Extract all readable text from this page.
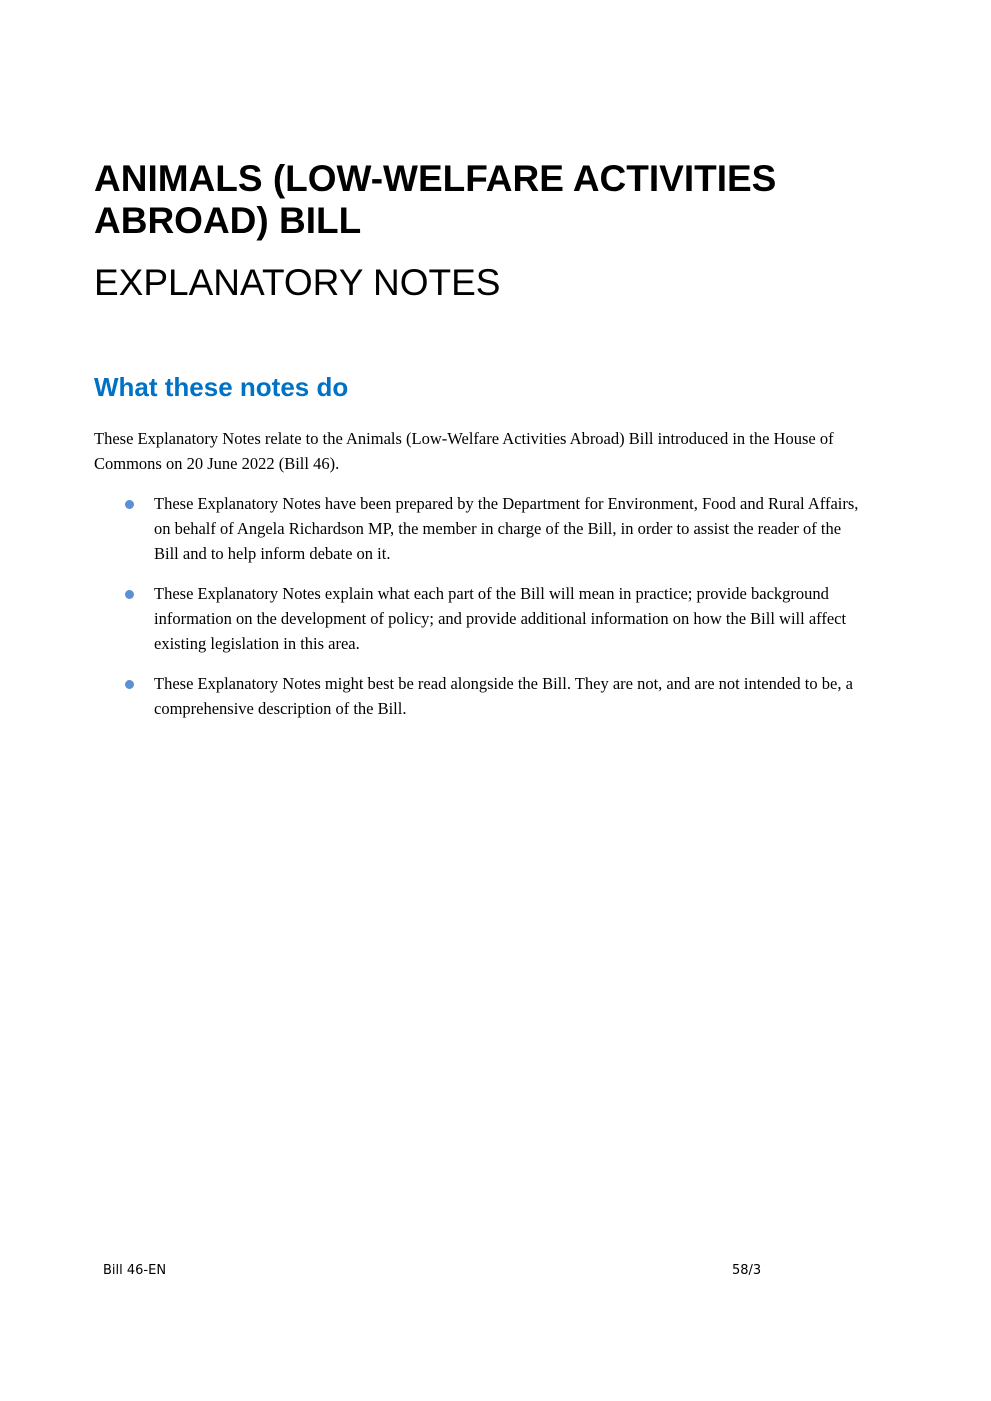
ANIMALS (LOW-WELFARE ACTIVITIES ABROAD) BILL
EXPLANATORY NOTES
What these notes do

These Explanatory Notes relate to the Animals (Low-Welfare Activities Abroad) Bill introduced in the House of Commons on 20 June 2022 (Bill 46).

These Explanatory Notes have been prepared by the Department for Environment, Food and Rural Affairs, on behalf of Angela Richardson MP, the member in charge of the Bill, in order to assist the reader of the Bill and to help inform debate on it.
These Explanatory Notes explain what each part of the Bill will mean in practice; provide background information on the development of policy; and provide additional information on how the Bill will affect existing legislation in this area.
These Explanatory Notes might best be read alongside the Bill. They are not, and are not intended to be, a comprehensive description of the Bill.
Bill 46-EN	58/3
